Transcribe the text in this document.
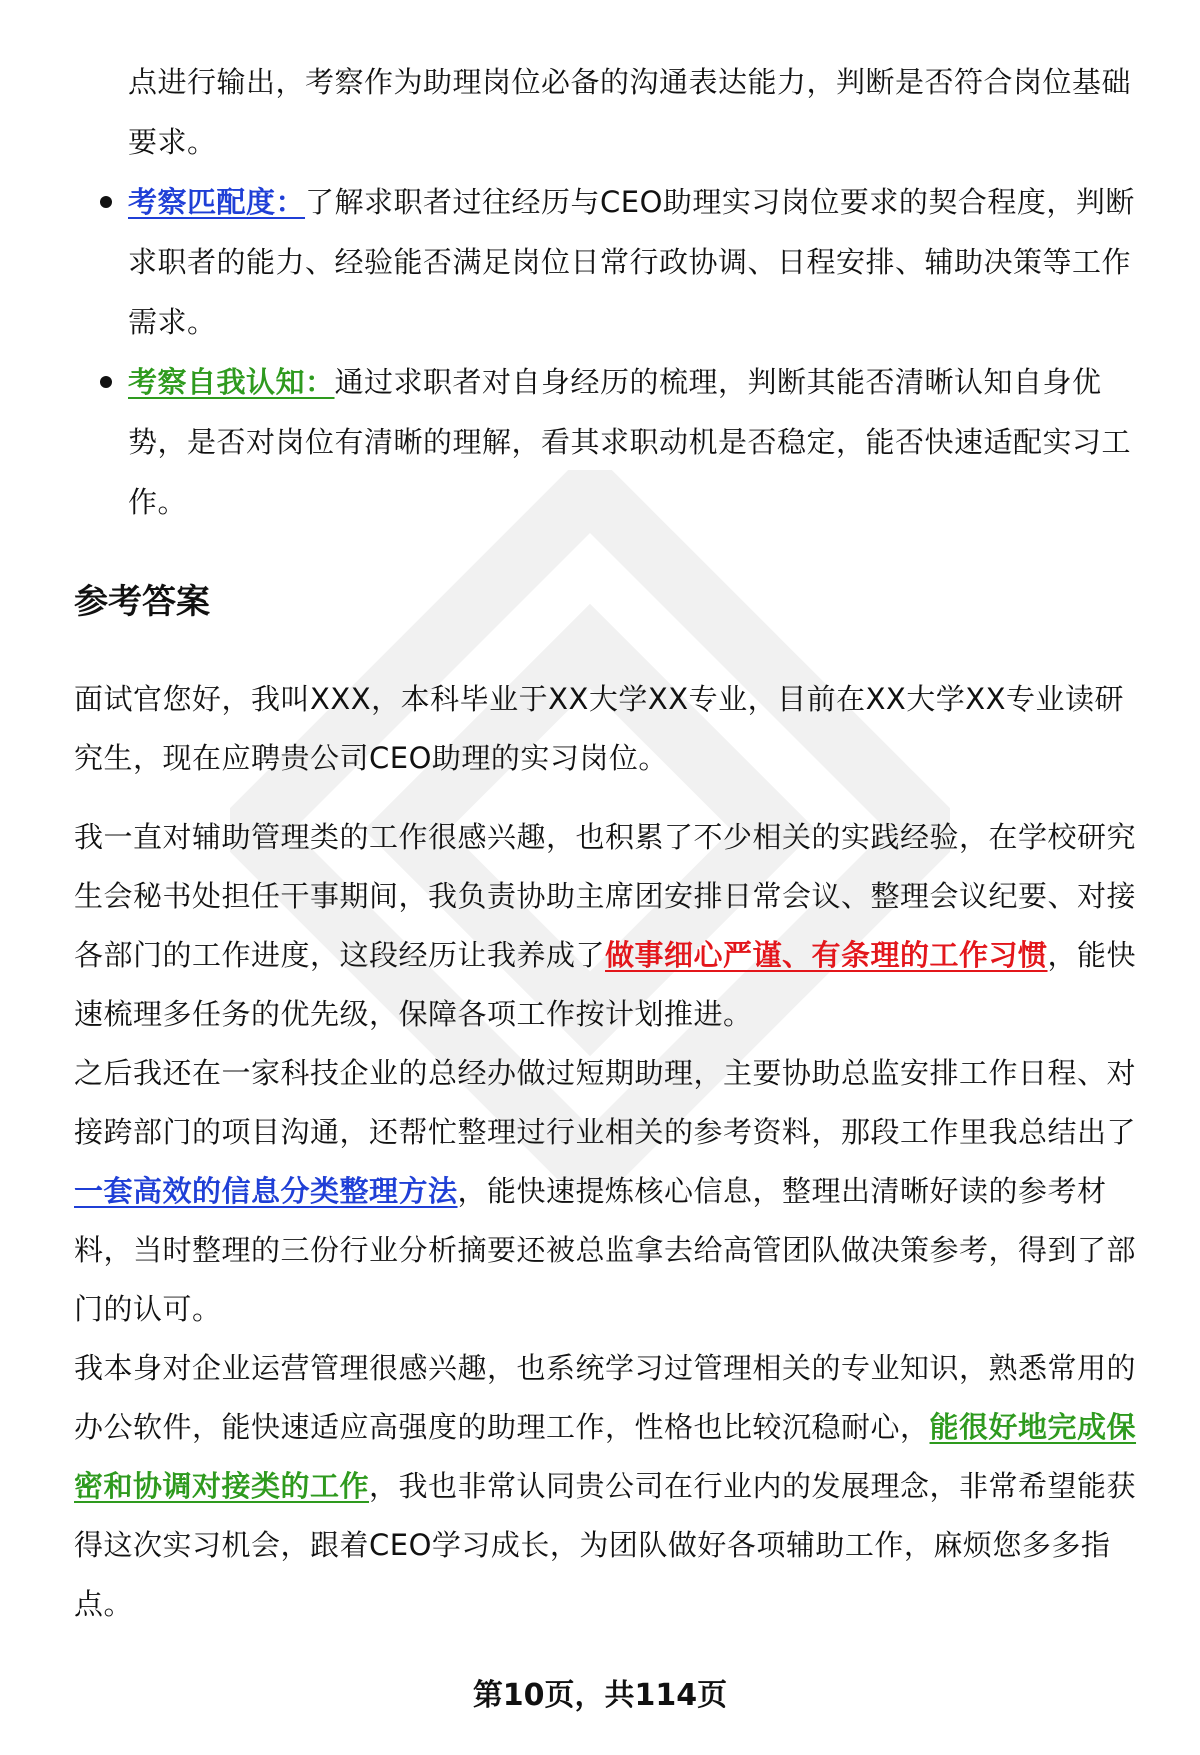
点进行输出，考察作为助理岗位必备的沟通表达能力，判断是否符合岗位基础要求。
考察匹配度：了解求职者过往经历与CEO助理实习岗位要求的契合程度，判断求职者的能力、经验能否满足岗位日常行政协调、日程安排、辅助决策等工作需求。
考察自我认知：通过求职者对自身经历的梳理，判断其能否清晰认知自身优势，是否对岗位有清晰的理解，看其求职动机是否稳定，能否快速适配实习工作。
参考答案

面试官您好，我叫XXX，本科毕业于XX大学XX专业，目前在XX大学XX专业读研究生，现在应聘贵公司CEO助理的实习岗位。

我一直对辅助管理类的工作很感兴趣，也积累了不少相关的实践经验，在学校研究生会秘书处担任干事期间，我负责协助主席团安排日常会议、整理会议纪要、对接各部门的工作进度，这段经历让我养成了做事细心严谨、有条理的工作习惯，能快速梳理多任务的优先级，保障各项工作按计划推进。

之后我还在一家科技企业的总经办做过短期助理，主要协助总监安排工作日程、对接跨部门的项目沟通，还帮忙整理过行业相关的参考资料，那段工作里我总结出了一套高效的信息分类整理方法，能快速提炼核心信息，整理出清晰好读的参考材料，当时整理的三份行业分析摘要还被总监拿去给高管团队做决策参考，得到了部门的认可。

我本身对企业运营管理很感兴趣，也系统学习过管理相关的专业知识，熟悉常用的办公软件，能快速适应高强度的助理工作，性格也比较沉稳耐心，能很好地完成保密和协调对接类的工作，我也非常认同贵公司在行业内的发展理念，非常希望能获得这次实习机会，跟着CEO学习成长，为团队做好各项辅助工作，麻烦您多多指点。

第10页，共114页
